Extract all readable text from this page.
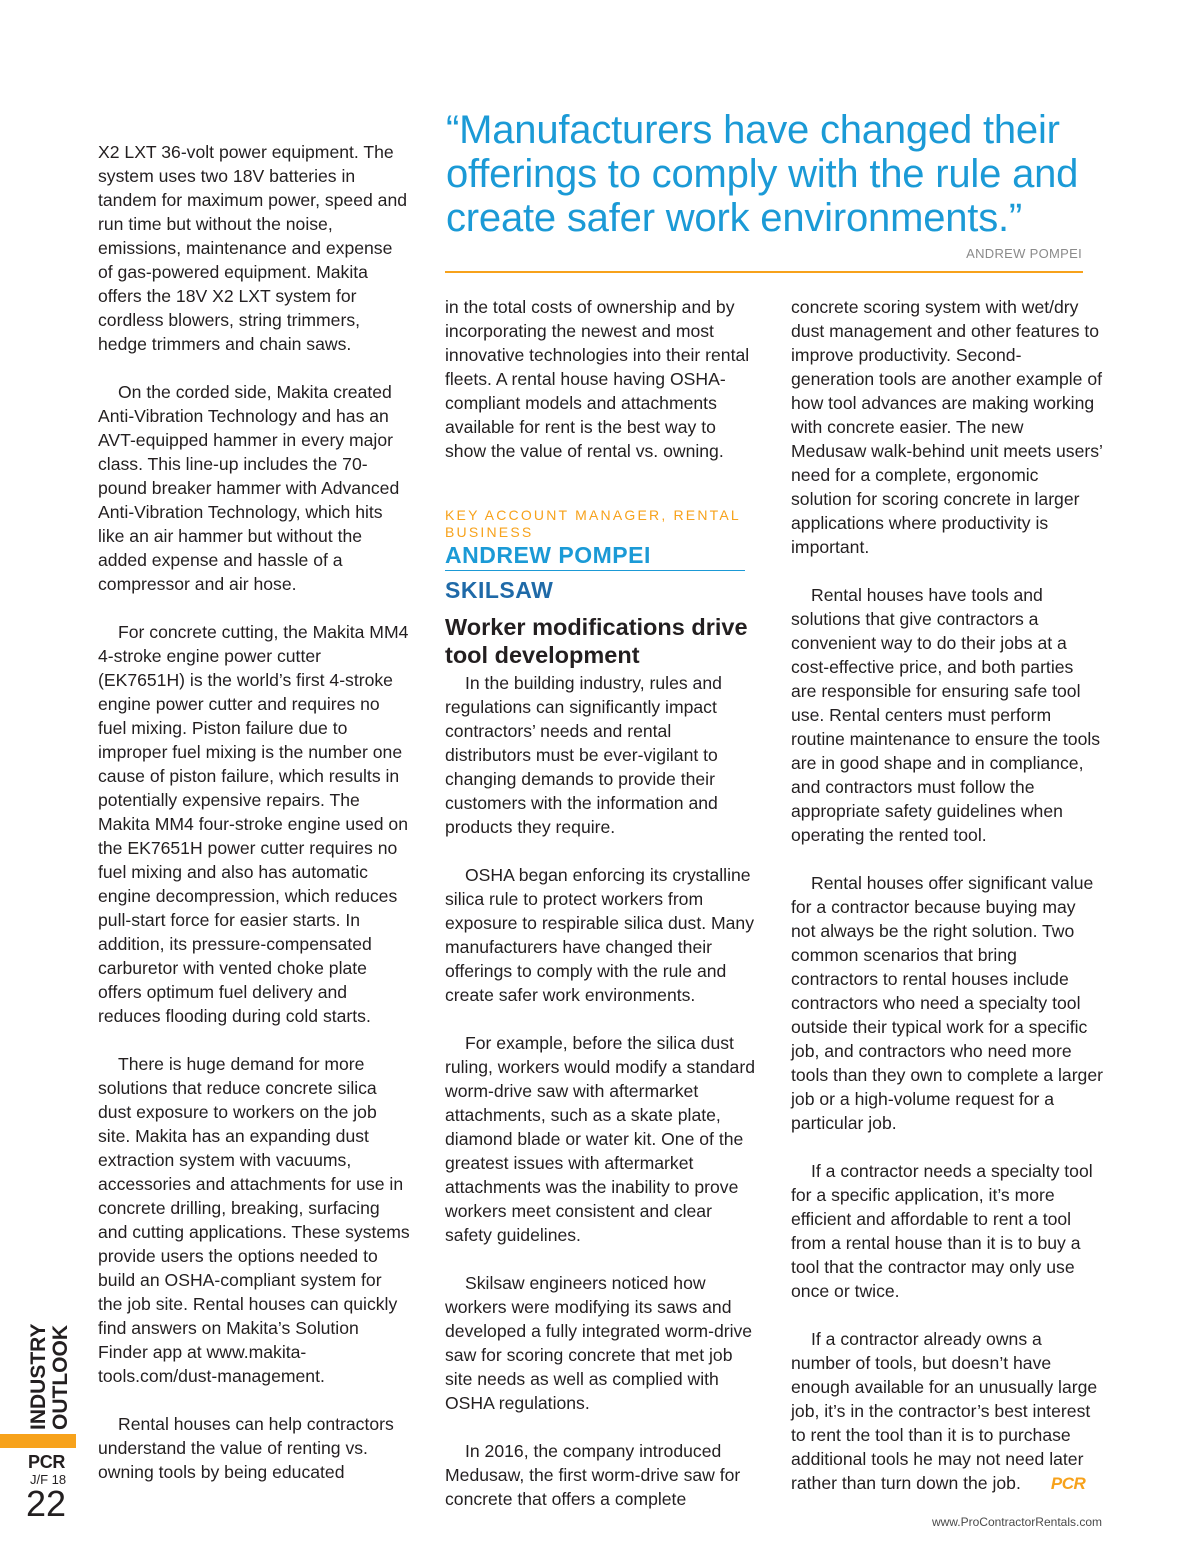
“Manufacturers have changed their offerings to comply with the rule and create safer work environments.”
ANDREW POMPEI

X2 LXT 36-volt power equipment. The system uses two 18V batteries in tandem for maximum power, speed and run time but without the noise, emissions, maintenance and expense of gas-powered equipment. Makita offers the 18V X2 LXT system for cordless blowers, string trimmers, hedge trimmers and chain saws.

On the corded side, Makita created Anti-Vibration Technology and has an AVT-equipped hammer in every major class. This line-up includes the 70-pound breaker hammer with Advanced Anti-Vibration Technology, which hits like an air hammer but without the added expense and hassle of a compressor and air hose.

For concrete cutting, the Makita MM4 4-stroke engine power cutter (EK7651H) is the world’s first 4-stroke engine power cutter and requires no fuel mixing. Piston failure due to improper fuel mixing is the number one cause of piston failure, which results in potentially expensive repairs. The Makita MM4 four-stroke engine used on the EK7651H power cutter requires no fuel mixing and also has automatic engine decompression, which reduces pull-start force for easier starts. In addition, its pressure-compensated carburetor with vented choke plate offers optimum fuel delivery and reduces flooding during cold starts.

There is huge demand for more solutions that reduce concrete silica dust exposure to workers on the job site. Makita has an expanding dust extraction system with vacuums, accessories and attachments for use in concrete drilling, breaking, surfacing and cutting applications. These systems provide users the options needed to build an OSHA-compliant system for the job site. Rental houses can quickly find answers on Makita’s Solution Finder app at www.makita-tools.com/dust-management.

Rental houses can help contractors understand the value of renting vs. owning tools by being educated

in the total costs of ownership and by incorporating the newest and most innovative technologies into their rental fleets. A rental house having OSHA-compliant models and attachments available for rent is the best way to show the value of rental vs. owning.

KEY ACCOUNT MANAGER, RENTAL BUSINESS
ANDREW POMPEI
SKILSAW
Worker modifications drive tool development

In the building industry, rules and regulations can significantly impact contractors’ needs and rental distributors must be ever-vigilant to changing demands to provide their customers with the information and products they require.

OSHA began enforcing its crystalline silica rule to protect workers from exposure to respirable silica dust. Many manufacturers have changed their offerings to comply with the rule and create safer work environments.

For example, before the silica dust ruling, workers would modify a standard worm-drive saw with aftermarket attachments, such as a skate plate, diamond blade or water kit. One of the greatest issues with aftermarket attachments was the inability to prove workers meet consistent and clear safety guidelines.

Skilsaw engineers noticed how workers were modifying its saws and developed a fully integrated worm-drive saw for scoring concrete that met job site needs as well as complied with OSHA regulations.

In 2016, the company introduced Medusaw, the first worm-drive saw for concrete that offers a complete

concrete scoring system with wet/dry dust management and other features to improve productivity. Second-generation tools are another example of how tool advances are making working with concrete easier. The new Medusaw walk-behind unit meets users’ need for a complete, ergonomic solution for scoring concrete in larger applications where productivity is important.

Rental houses have tools and solutions that give contractors a convenient way to do their jobs at a cost-effective price, and both parties are responsible for ensuring safe tool use. Rental centers must perform routine maintenance to ensure the tools are in good shape and in compliance, and contractors must follow the appropriate safety guidelines when operating the rented tool.

Rental houses offer significant value for a contractor because buying may not always be the right solution. Two common scenarios that bring contractors to rental houses include contractors who need a specialty tool outside their typical work for a specific job, and contractors who need more tools than they own to complete a larger job or a high-volume request for a particular job.

If a contractor needs a specialty tool for a specific application, it’s more efficient and affordable to rent a tool from a rental house than it is to buy a tool that the contractor may only use once or twice.

If a contractor already owns a number of tools, but doesn’t have enough available for an unusually large job, it’s in the contractor’s best interest to rent the tool than it is to purchase additional tools he may not need later rather than turn down the job. PCR

INDUSTRY OUTLOOK
PCR
J/F 18
22	www.ProContractorRentals.com
